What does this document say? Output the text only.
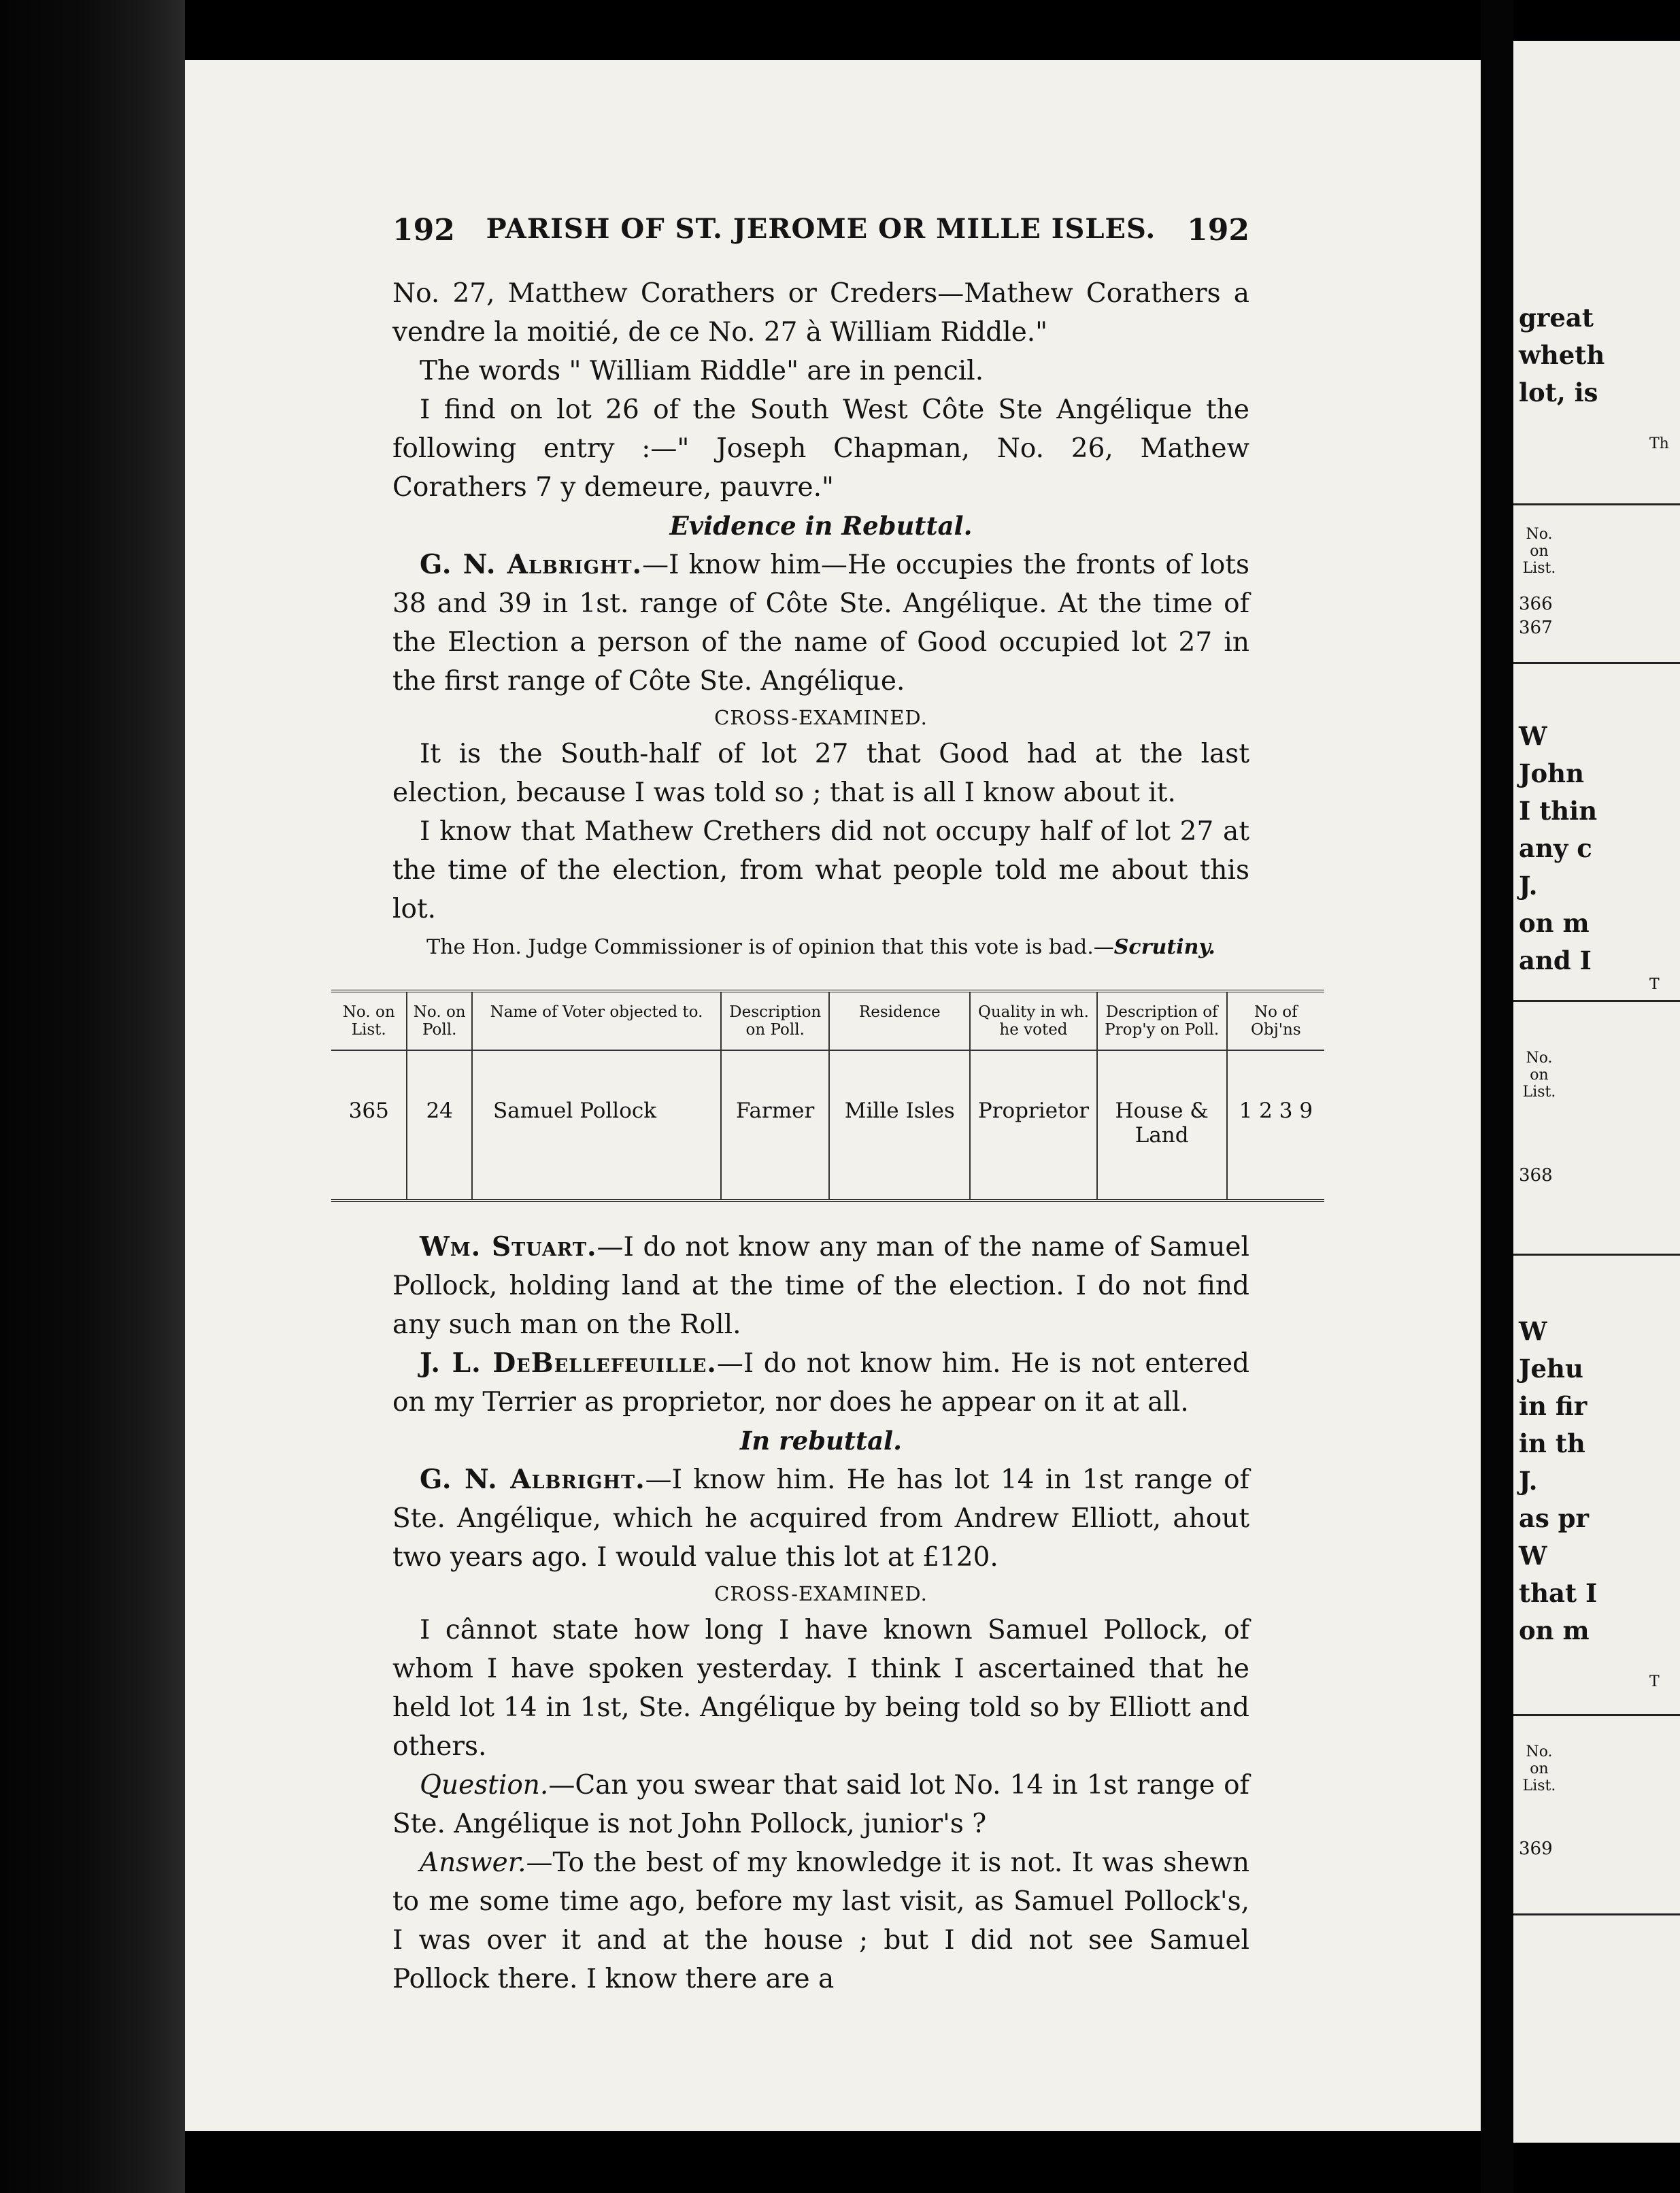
192	PARISH OF ST. JEROME OR MILLE ISLES.	192

No. 27, Matthew Corathers or Creders—Mathew Corathers a vendre la moitié, de ce No. 27 à William Riddle."

The words " William Riddle" are in pencil.

I find on lot 26 of the South West Côte Ste Angélique the following entry :—" Joseph Chapman, No. 26, Mathew Corathers 7 y demeure, pauvre."

Evidence in Rebuttal.

G. N. Albright.—I know him—He occupies the fronts of lots 38 and 39 in 1st. range of Côte Ste. Angélique. At the time of the Election a person of the name of Good occupied lot 27 in the first range of Côte Ste. Angélique.

CROSS-EXAMINED.

It is the South-half of lot 27 that Good had at the last election, because I was told so ; that is all I know about it.

I know that Mathew Crethers did not occupy half of lot 27 at the time of the election, from what people told me about this lot.

The Hon. Judge Commissioner is of opinion that this vote is bad.—Scrutiny.
No. on List.	No. on Poll.	Name of Voter objected to.	Description on Poll.	Residence	Quality in wh. he voted	Description of Prop'y on Poll.	No of Obj'ns
365	24	Samuel Pollock	Farmer	Mille Isles	Proprietor	House & Land	1 2 3 9

Wm. Stuart.—I do not know any man of the name of Samuel Pollock, holding land at the time of the election. I do not find any such man on the Roll.

J. L. DeBellefeuille.—I do not know him. He is not entered on my Terrier as proprietor, nor does he appear on it at all.

In rebuttal.

G. N. Albright.—I know him. He has lot 14 in 1st range of Ste. Angélique, which he acquired from Andrew Elliott, ahout two years ago. I would value this lot at £120.

CROSS-EXAMINED.

I cânnot state how long I have known Samuel Pollock, of whom I have spoken yesterday. I think I ascertained that he held lot 14 in 1st, Ste. Angélique by being told so by Elliott and others.

Question.—Can you swear that said lot No. 14 in 1st range of Ste. Angélique is not John Pollock, junior's ?

Answer.—To the best of my knowledge it is not. It was shewn to me some time ago, before my last visit, as Samuel Pollock's, I was over it and at the house ; but I did not see Samuel Pollock there. I know there are a

great
wheth
lot, is
Th
No. on List.
366
367
W
John
I thin
any c
J.
on m
and I
T
No. on List.
368
W
Jehu
in fir
in th
J.
as pr
W
that I
on m
T
No. on List.
369
